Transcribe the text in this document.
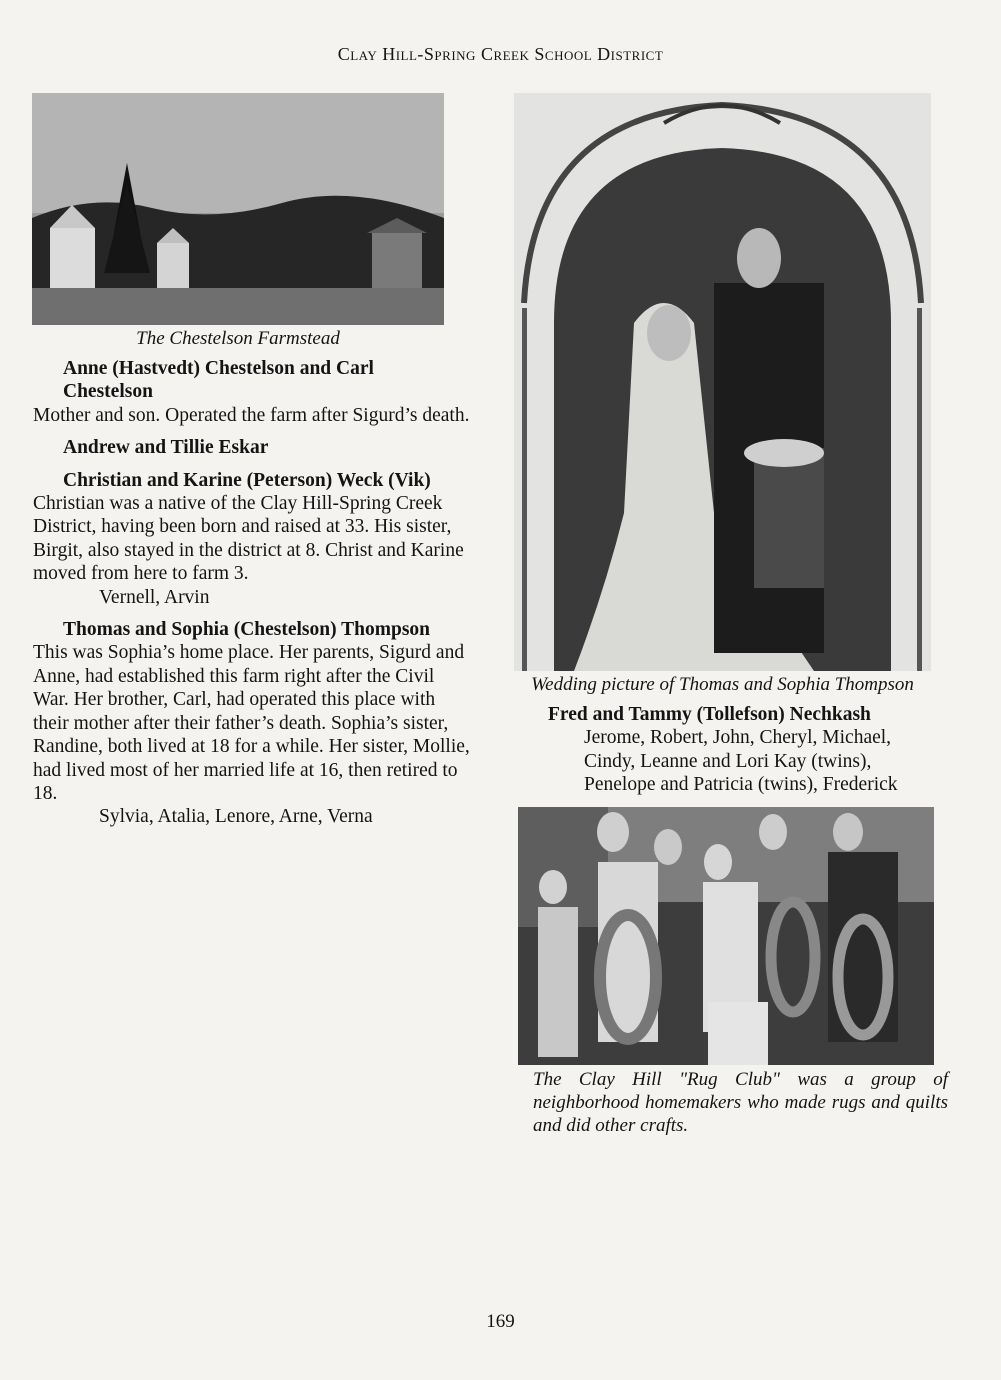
Clay Hill-Spring Creek School District
The Chestelson Farmstead
Anne (Hastvedt) Chestelson and Carl Chestelson
Mother and son. Operated the farm after Sigurd’s death.
Andrew and Tillie Eskar
Christian and Karine (Peterson) Weck (Vik)
Christian was a native of the Clay Hill-Spring Creek District, having been born and raised at 33. His sister, Birgit, also stayed in the district at 8. Christ and Karine moved from here to farm 3.
Vernell, Arvin
Thomas and Sophia (Chestelson) Thompson
This was Sophia’s home place. Her parents, Sigurd and Anne, had established this farm right after the Civil War. Her brother, Carl, had operated this place with their mother after their father’s death. Sophia’s sister, Randine, both lived at 18 for a while. Her sister, Mollie, had lived most of her married life at 16, then retired to 18.
Sylvia, Atalia, Lenore, Arne, Verna
Wedding picture of Thomas and Sophia Thompson
Fred and Tammy (Tollefson) Nechkash
Jerome, Robert, John, Cheryl, Michael, Cindy, Leanne and Lori Kay (twins), Penelope and Patricia (twins), Frederick
The Clay Hill "Rug Club" was a group of neighborhood homemakers who made rugs and quilts and did other crafts.
169
